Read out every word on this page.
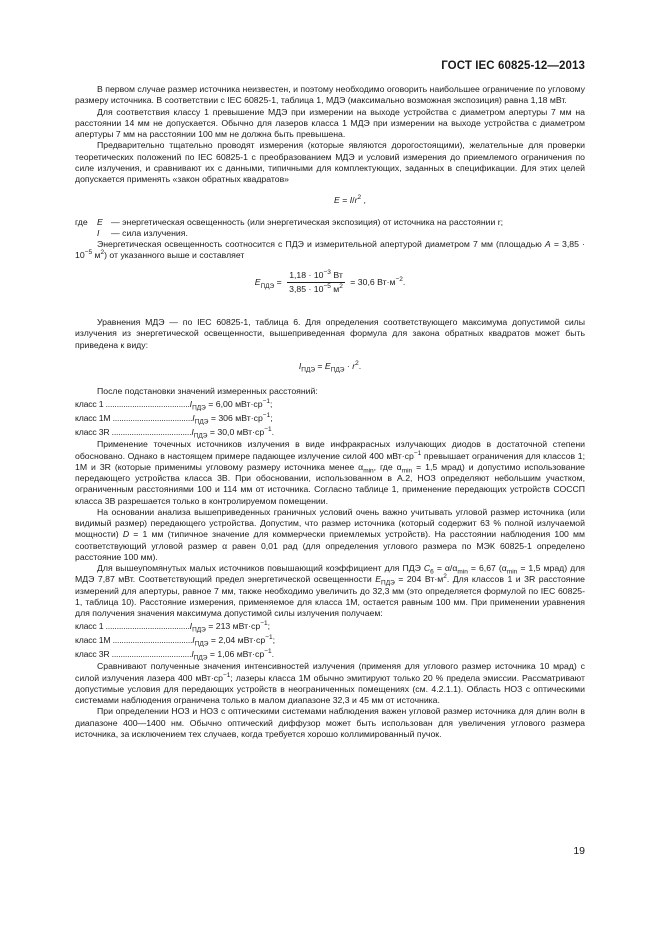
ГОСТ IEC 60825-12—2013

В первом случае размер источника неизвестен, и поэтому необходимо оговорить наибольшее ограничение по угловому размеру источника. В соответствии с IEC 60825-1, таблица 1, МДЭ (максимально возможная экспозиция) равна 1,18 мВт.

Для соответствия классу 1 превышение МДЭ при измерении на выходе устройства с диаметром апертуры 7 мм на расстоянии 14 мм не допускается. Обычно для лазеров класса 1 МДЭ при измерении на выходе устройства с диаметром апертуры 7 мм на расстоянии 100 мм не должна быть превышена.

Предварительно тщательно проводят измерения (которые являются дорогостоящими), желательные для проверки теоретических положений по IEC 60825-1 с преобразованием МДЭ и условий измерения до приемлемого ограничения по силе излучения, и сравнивают их с данными, типичными для комплектующих, заданных в спецификации. Для этих целей допускается применять «закон обратных квадратов»

$E = I/r^2$ ,

где	E — энергетическая освещенность (или энергетическая экспозиция) от источника на расстоянии r;
I	— сила излучения.

Энергетическая освещенность соотносится с ПДЭ и измерительной апертурой диаметром 7 мм (площадью $A = 3,85 \cdot 10^{-5}$ $м^2$) от указанного выше и составляет

$E_{ПДЭ} = \frac{1,18 \cdot 10^{-3} Вт}{3,85 \cdot 10^{-5} м^2} = 30,6$ $Вт\cdot м^{-2}$.

Уравнения МДЭ — по IEC 60825-1, таблица 6. Для определения соответствующего максимума допустимой силы излучения из энергетической освещенности, вышеприведенная формула для закона обратных квадратов может быть приведена к виду:

$I_{ПДЭ} = E_{ПДЭ} \cdot r^2$.

После подстановки значений измеренных расстояний:

класс 1 $......................................I_{ПДЭ} = 6,00$ $мВт\cdot ср^{-1}$;
класс 1М $....................................I_{ПДЭ} = 306$ $мВт\cdot ср^{-1}$;
класс 3R $....................................I_{ПДЭ} = 30,0$ $мВт\cdot ср^{-1}$.

Применение точечных источников излучения в виде инфракрасных излучающих диодов в достаточной степени обосновано. Однако в настоящем примере падающее излучение силой 400 $мВт\cdot ср^{-1}$ превышает ограничения для классов 1; 1М и 3R (которые применимы угловому размеру источника менее $\alpha_{min}$, где $\alpha_{min} = 1,5$ мрад) и допустимо использование передающего устройства класса 3В. При обосновании, использованном в А.2, НОЗ определяют небольшим участком, ограниченным расстояниями 100 и 114 мм от источника. Согласно таблице 1, применение передающих устройств СОССП класса 3В разрешается только в контролируемом помещении.

На основании анализа вышеприведенных граничных условий очень важно учитывать угловой размер источника (или видимый размер) передающего устройства. Допустим, что размер источника (который содержит 63 % полной излучаемой мощности) D = 1 мм (типичное значение для коммерчески приемлемых устройств). На расстоянии наблюдения 100 мм соответствующий угловой размер α равен 0,01 рад (для определения углового размера по МЭК 60825-1 определено расстояние 100 мм).

Для вышеупомянутых малых источников повышающий коэффициент для ПДЭ $C_6 = \alpha/\alpha_{min} = 6,67$ ($\alpha_{min} = 1,5$ мрад) для МДЭ 7,87 мВт. Соответствующий предел энергетической освещенности $E_{ПДЭ} = 204$ $Вт\cdot м^2$. Для классов 1 и 3R расстояние измерений для апертуры, равное 7 мм, также необходимо увеличить до 32,3 мм (это определяется формулой по IEC 60825-1, таблица 10). Расстояние измерения, применяемое для класса 1М, остается равным 100 мм. При применении уравнения для получения значения максимума допустимой силы излучения получаем:

класс 1 $......................................I_{ПДЭ} = 213$ $мВт\cdot ср^{-1}$;
класс 1М $....................................I_{ПДЭ} = 2,04$ $мВт\cdot ср^{-1}$;
класс 3R $....................................I_{ПДЭ} = 1,06$ $мВт\cdot ср^{-1}$.

Сравнивают полученные значения интенсивностей излучения (применяя для углового размер источника 10 мрад) с силой излучения лазера 400 $мВт\cdot ср^{-1}$; лазеры класса 1М обычно эмитируют только 20 % предела эмиссии. Рассматривают допустимые условия для передающих устройств в неограниченных помещениях (см. 4.2.1.1). Область НОЗ с оптическими системами наблюдения ограничена только в малом диапазоне 32,3 и 45 мм от источника.

При определении НОЗ и НОЗ с оптическими системами наблюдения важен угловой размер источника для длин волн в диапазоне 400—1400 нм. Обычно оптический диффузор может быть использован для увеличения углового размера источника, за исключением тех случаев, когда требуется хорошо коллимированный пучок.

19
